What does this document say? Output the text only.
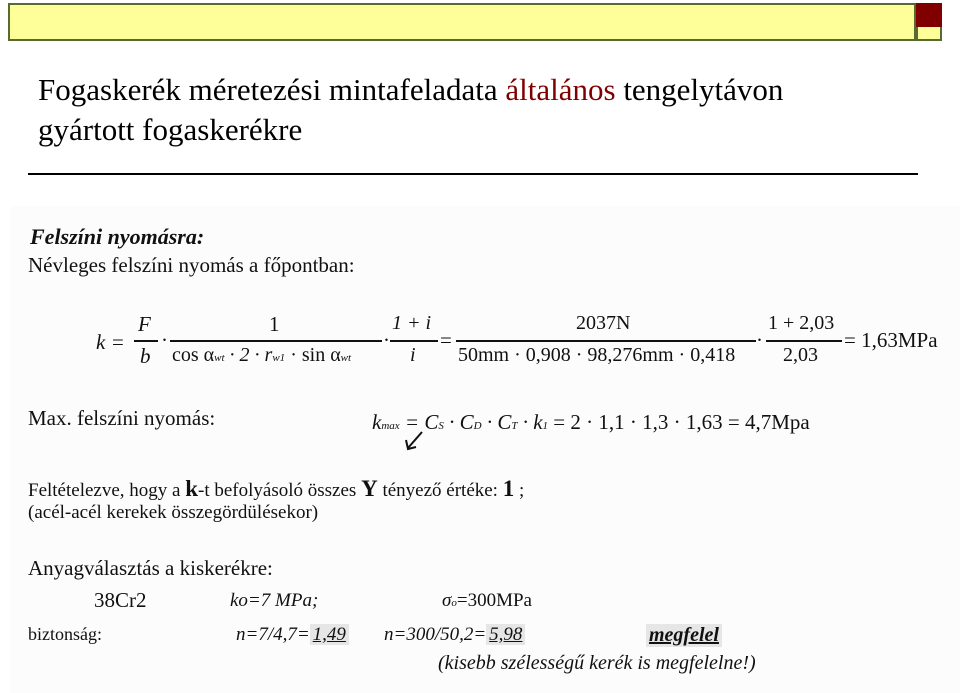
Fogaskerék méretezési mintafeladata általános tengelytávon
gyártott fogaskerékre
Felszíni nyomásra:
Névleges felszíni nyomás a főpontban:
k =
F
b
·
1
cos αwt · 2 · rw1 · sin αwt
·
1 + i
i
=
2037N
50mm · 0,908 · 98,276mm · 0,418
·
1 + 2,03
2,03
= 1,63MPa
Max. felszíni nyomás:	kmax = CS · CD · CT · k1 = 2 · 1,1 · 1,3 · 1,63 = 4,7Mpa
Feltételezve, hogy a k-t befolyásoló összes Y tényező értéke: 1 ;
(acél-acél kerekek összegördülésekor)
Anyagválasztás a kiskerékre:
38Cr2	ko=7 MPa;	σo=300MPa
biztonság:	n=7/4,7= 1,49 n=300/50,2= 5,98	megfelel
(kisebb szélességű kerék is megfelelne!)
